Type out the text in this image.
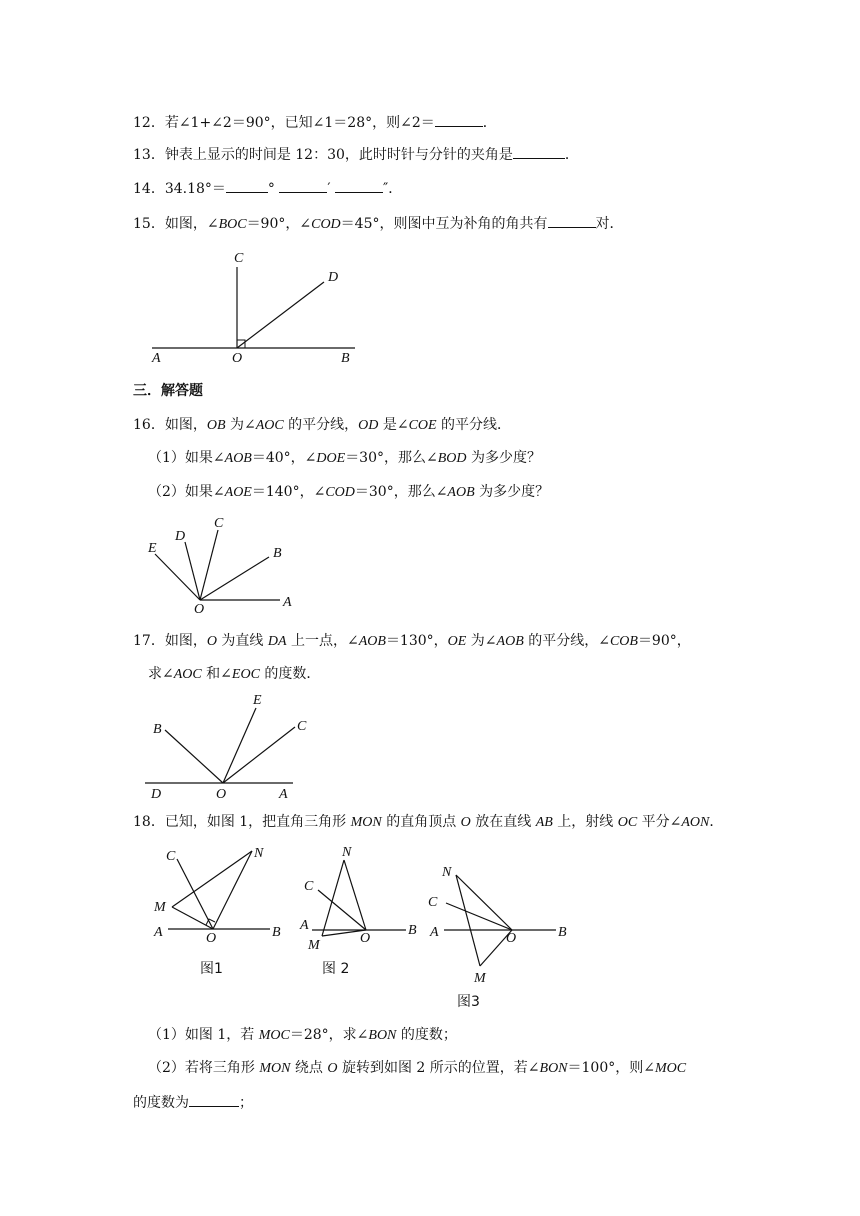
12．若∠1+∠2＝90°，已知∠1＝28°，则∠2＝	．
13．钟表上显示的时间是 12：30，此时时针与分针的夹角是	．
14．34.18°＝	°	′	″．
15．如图，∠BOC＝90°，∠COD＝45°，则图中互为补角的角共有	对．
C
D
A	O	B
三．解答题
16．如图，OB 为∠AOC 的平分线，OD 是∠COE 的平分线．
（1）如果∠AOB＝40°，∠DOE＝30°，那么∠BOD 为多少度？
（2）如果∠AOE＝140°，∠COD＝30°，那么∠AOB 为多少度？
C
D
E	B
O	A
17．如图，O 为直线 DA 上一点，∠AOB＝130°，OE 为∠AOB 的平分线，∠COB＝90°，
求∠AOC 和∠EOC 的度数．
E
B	C
D	O	A
18．已知，如图 1，把直角三角形 MON 的直角顶点 O 放在直线 AB 上，射线 OC 平分∠AON．
C	N
M
A	O	B
图1
N
C
A
M	O
B
图 2
N
C
A	O	B
M
图3
（1）如图 1，若 MOC＝28°，求∠BON 的度数；
（2）若将三角形 MON 绕点 O 旋转到如图 2 所示的位置，若∠BON＝100°，则∠MOC
的度数为	；
